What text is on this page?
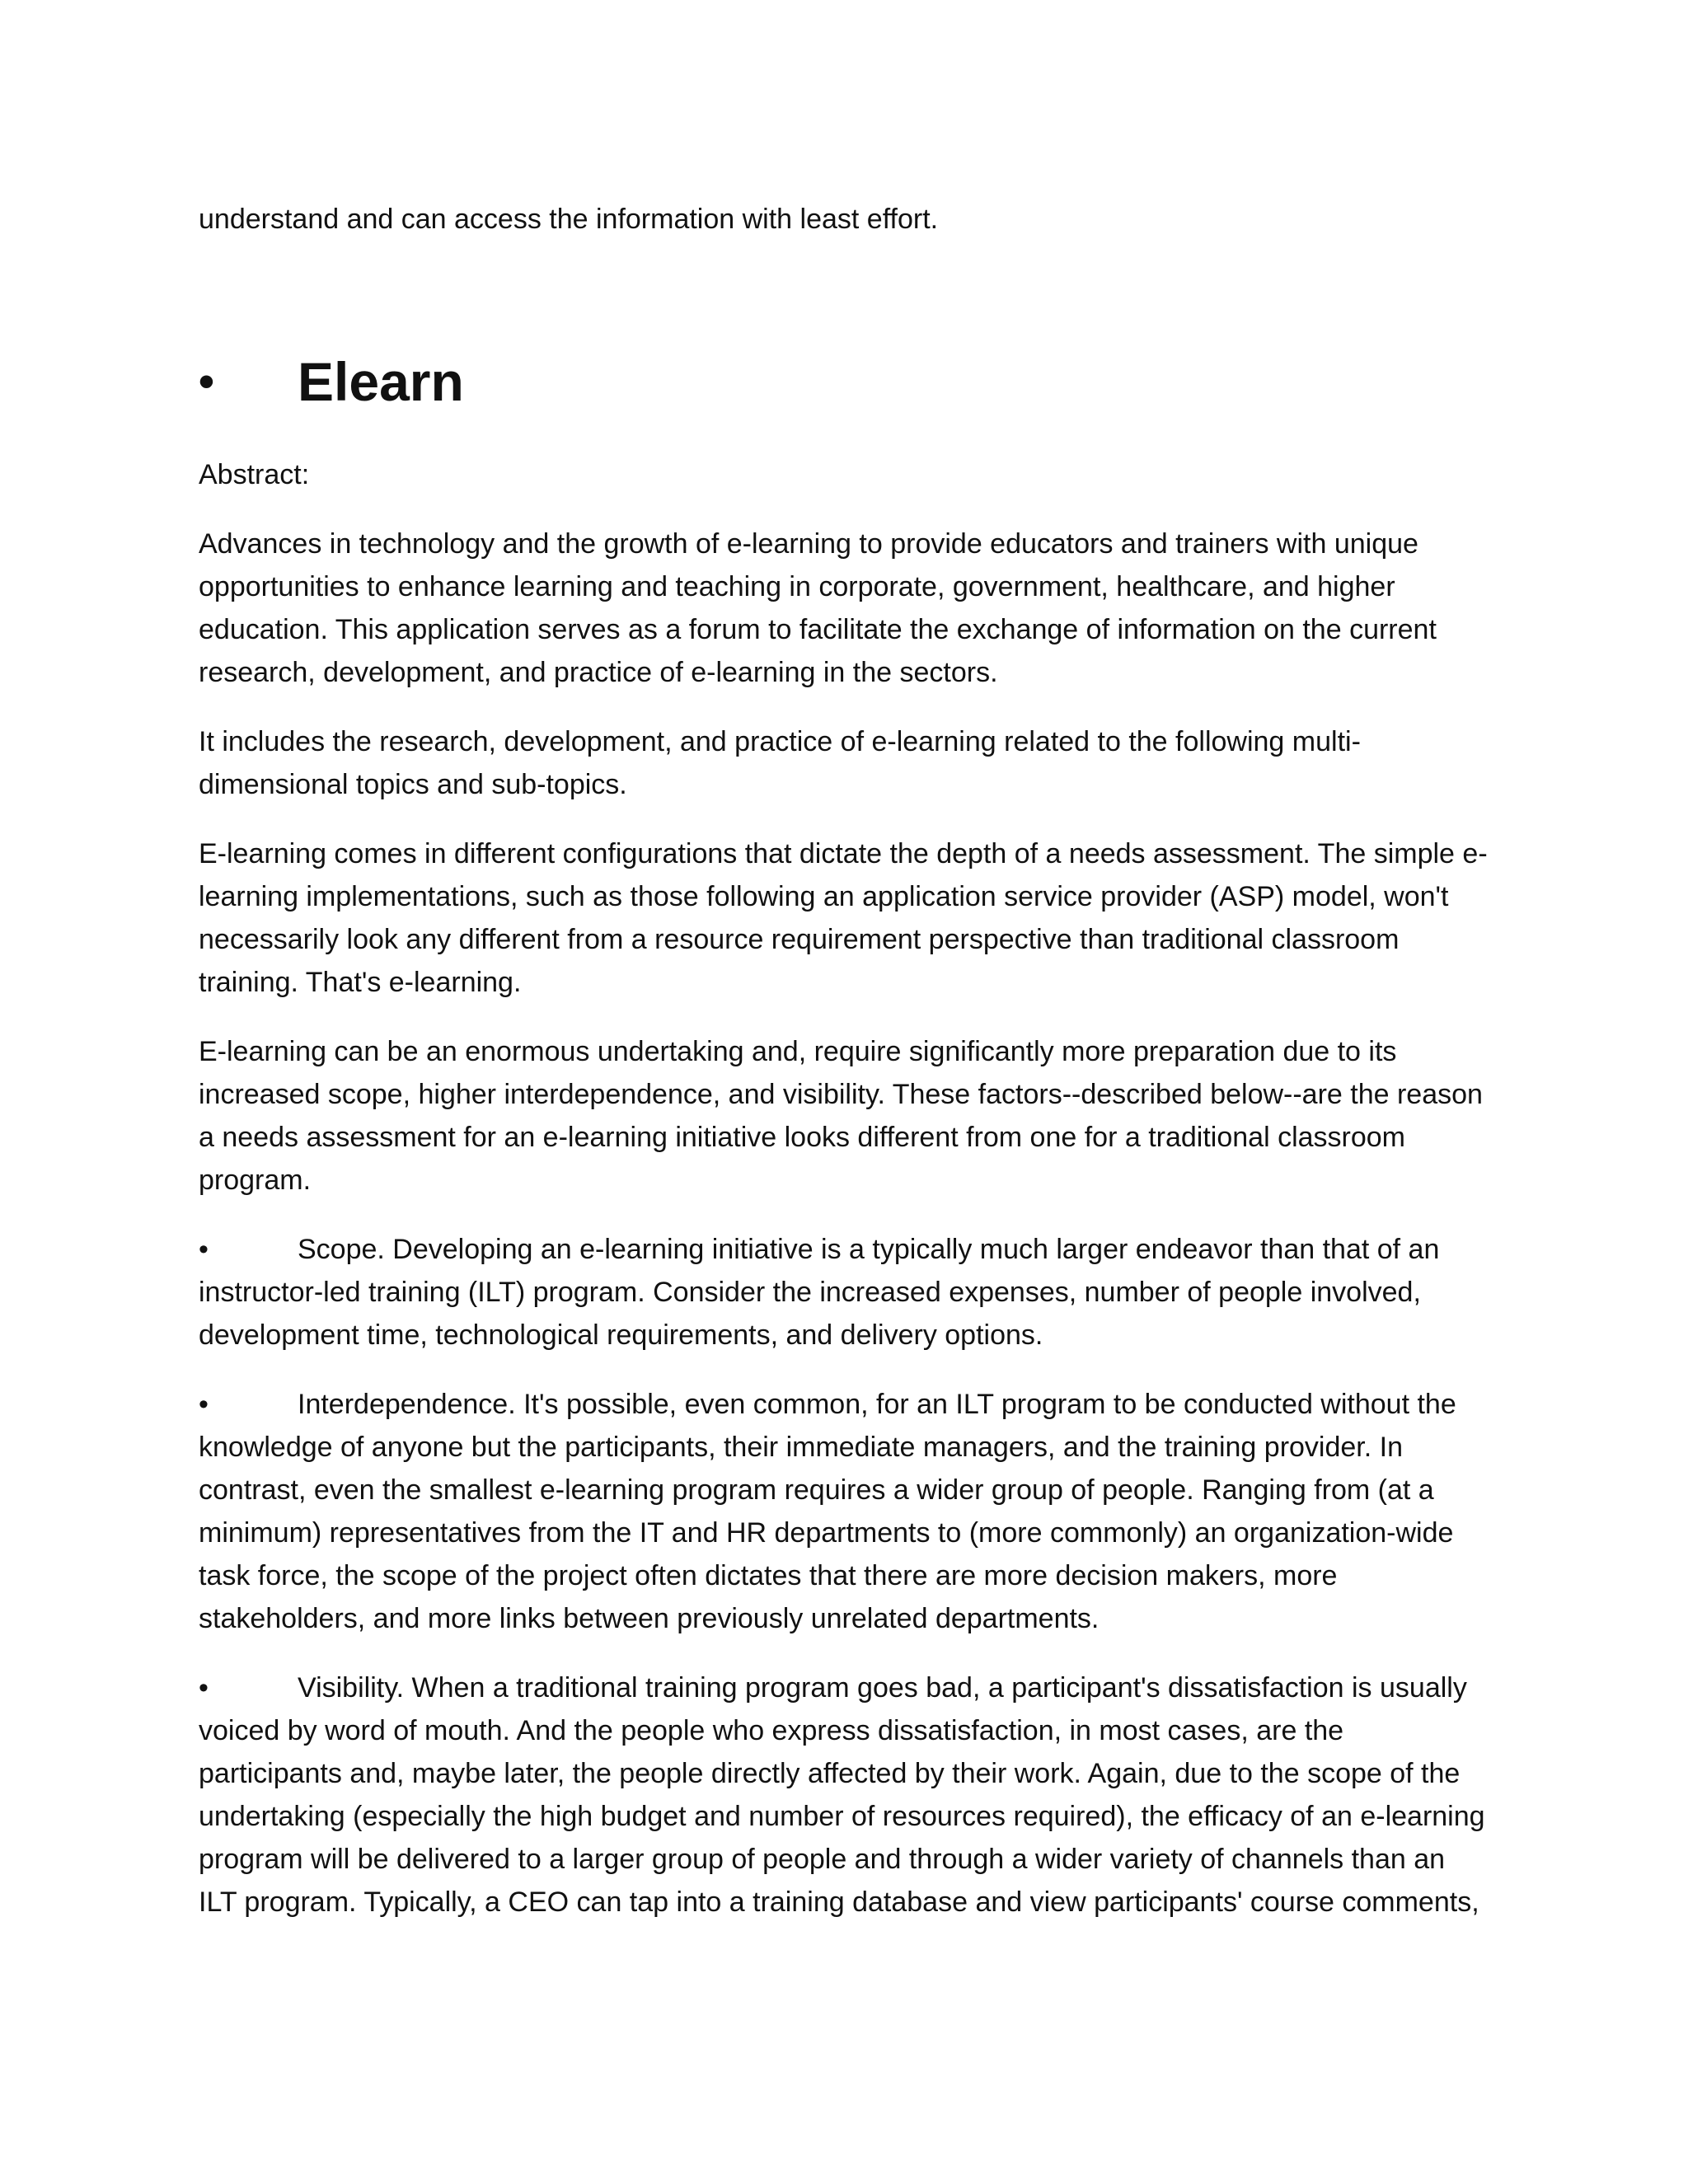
understand and can access the information with least effort.

•	Elearn

Abstract:

Advances in technology and the growth of e-learning to provide educators and trainers with unique
opportunities to enhance learning and teaching in corporate, government, healthcare, and higher
education. This application serves as a forum to facilitate the exchange of information on the current
research, development, and practice of e-learning in the sectors.
It includes the research, development, and practice of e-learning related to the following multi-
dimensional topics and sub-topics.
E-learning comes in different configurations that dictate the depth of a needs assessment. The simple e-
learning implementations, such as those following an application service provider (ASP) model, won't
necessarily look any different from a resource requirement perspective than traditional classroom
training. That's e-learning.
E-learning can be an enormous undertaking and, require significantly more preparation due to its
increased scope, higher interdependence, and visibility. These factors--described below--are the reason
a needs assessment for an e-learning initiative looks different from one for a traditional classroom
program.
•	Scope. Developing an e-learning initiative is a typically much larger endeavor than that of an
instructor-led training (ILT) program. Consider the increased expenses, number of people involved,
development time, technological requirements, and delivery options.
•	Interdependence. It's possible, even common, for an ILT program to be conducted without the
knowledge of anyone but the participants, their immediate managers, and the training provider. In
contrast, even the smallest e-learning program requires a wider group of people. Ranging from (at a
minimum) representatives from the IT and HR departments to (more commonly) an organization-wide
task force, the scope of the project often dictates that there are more decision makers, more
stakeholders, and more links between previously unrelated departments.
•	Visibility. When a traditional training program goes bad, a participant's dissatisfaction is usually
voiced by word of mouth. And the people who express dissatisfaction, in most cases, are the
participants and, maybe later, the people directly affected by their work. Again, due to the scope of the
undertaking (especially the high budget and number of resources required), the efficacy of an e-learning
program will be delivered to a larger group of people and through a wider variety of channels than an
ILT program. Typically, a CEO can tap into a training database and view participants' course comments,
